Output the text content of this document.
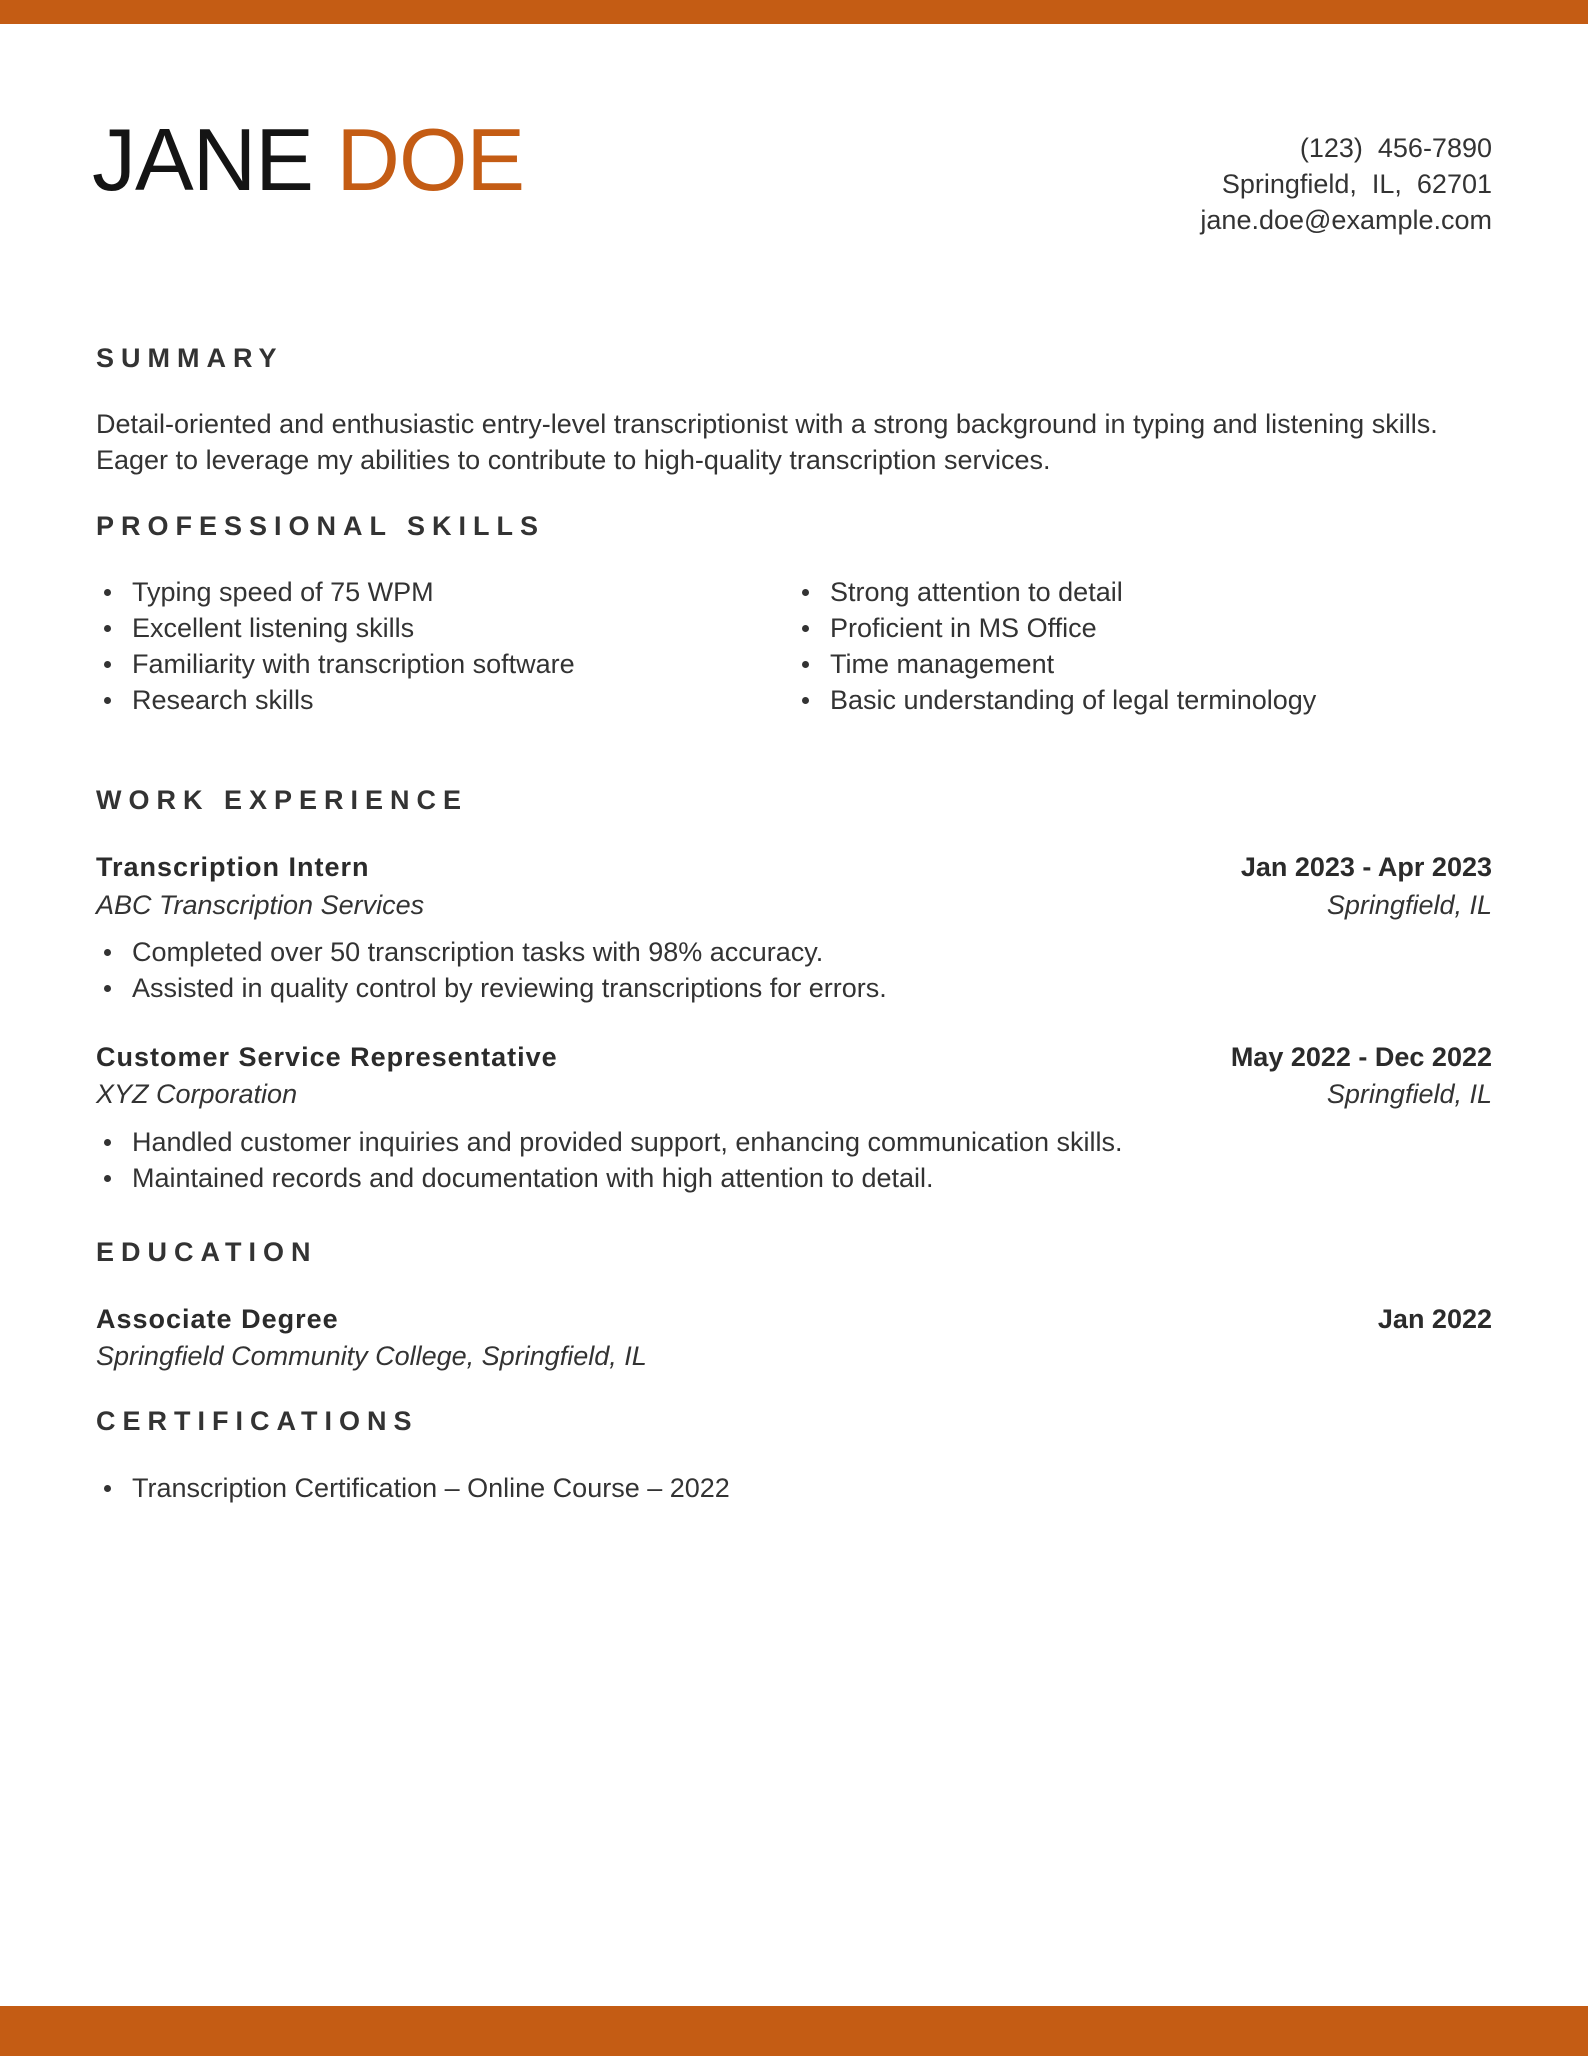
JANE DOE	(123)  456-7890
Springfield,  IL,  62701
jane.doe@example.com
SUMMARY

Detail-oriented and enthusiastic entry-level transcriptionist with a strong background in typing and listening skills. Eager to leverage my abilities to contribute to high-quality transcription services.

PROFESSIONAL SKILLS
Typing speed of 75 WPM
Excellent listening skills
Familiarity with transcription software
Research skills
Strong attention to detail
Proficient in MS Office
Time management
Basic understanding of legal terminology
WORK EXPERIENCE
Transcription Intern	Jan 2023 - Apr 2023
ABC Transcription Services	Springfield, IL
Completed over 50 transcription tasks with 98% accuracy.
Assisted in quality control by reviewing transcriptions for errors.
Customer Service Representative	May 2022 - Dec 2022
XYZ Corporation	Springfield, IL
Handled customer inquiries and provided support, enhancing communication skills.
Maintained records and documentation with high attention to detail.
EDUCATION
Associate Degree	Jan 2022
Springfield Community College, Springfield, IL
CERTIFICATIONS
Transcription Certification – Online Course – 2022
